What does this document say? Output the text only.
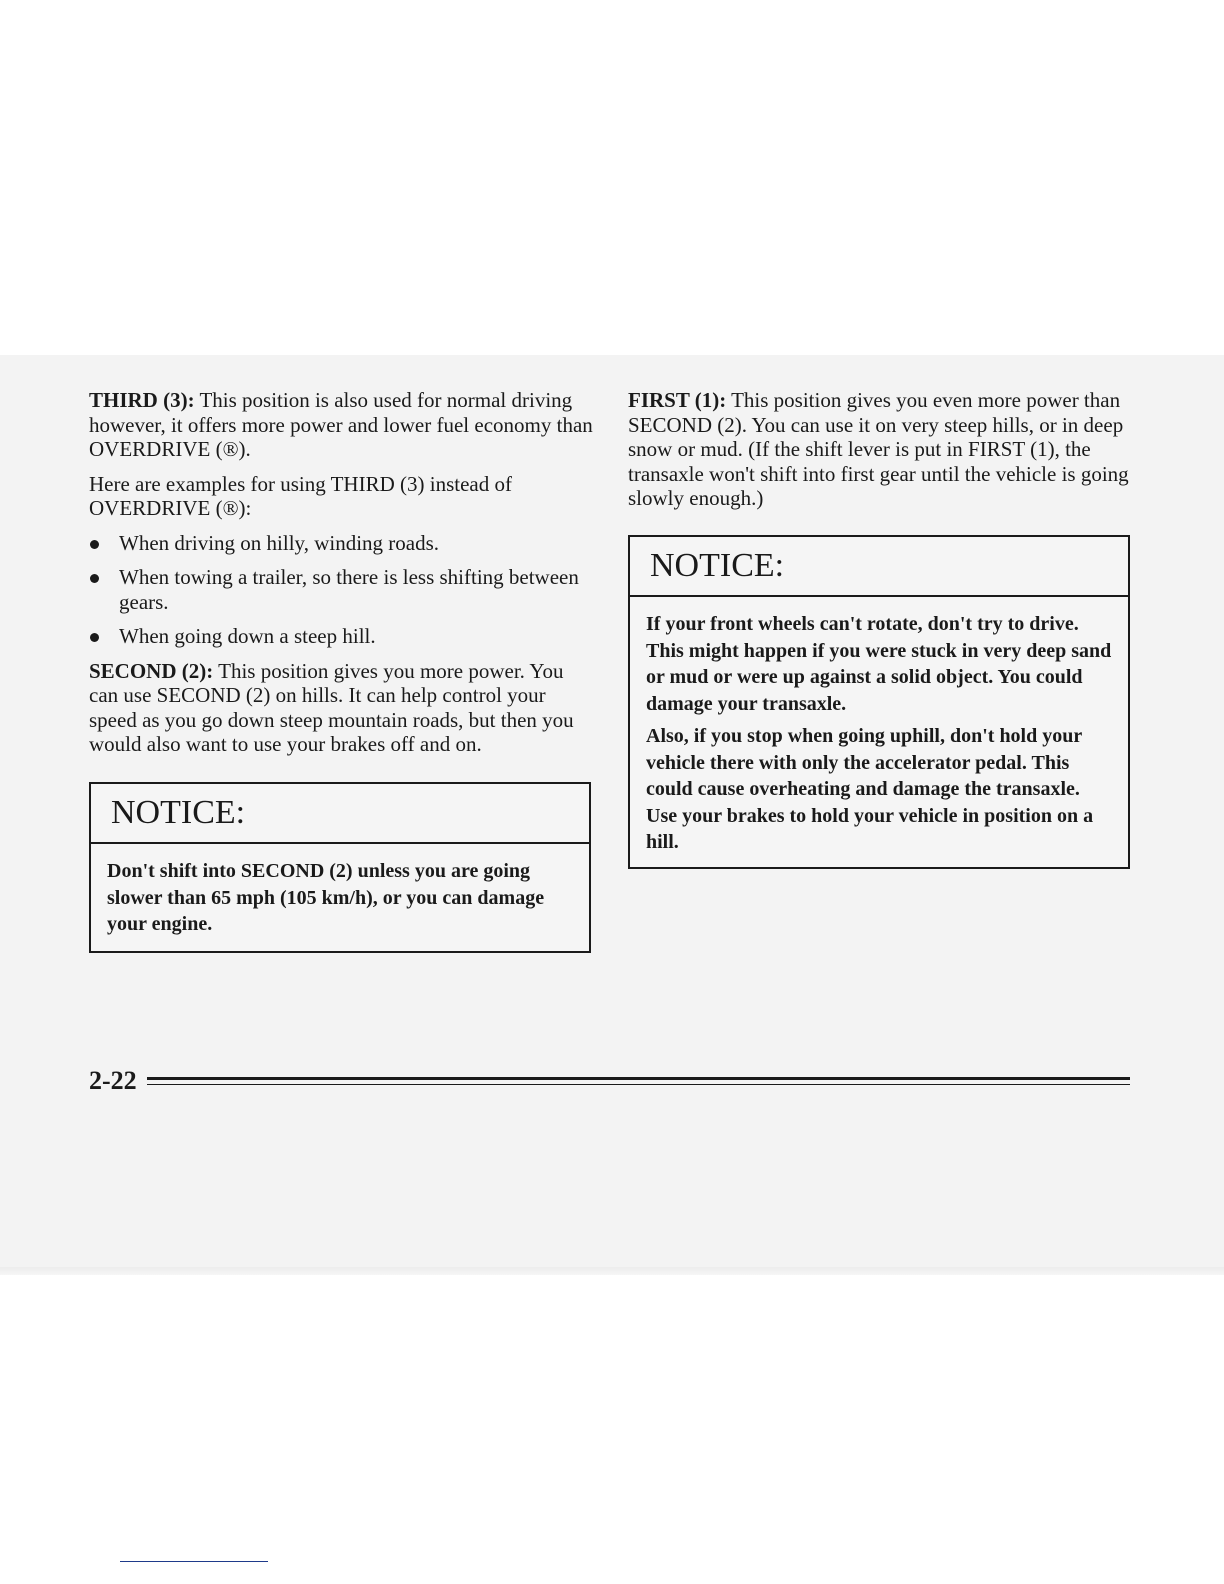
THIRD (3): This position is also used for normal driving however, it offers more power and lower fuel economy than OVERDRIVE (®).

Here are examples for using THIRD (3) instead of OVERDRIVE (®):

When driving on hilly, winding roads.
When towing a trailer, so there is less shifting between gears.
When going down a steep hill.

SECOND (2): This position gives you more power. You can use SECOND (2) on hills. It can help control your speed as you go down steep mountain roads, but then you would also want to use your brakes off and on.

NOTICE:

Don't shift into SECOND (2) unless you are going slower than 65 mph (105 km/h), or you can damage your engine.

FIRST (1): This position gives you even more power than SECOND (2). You can use it on very steep hills, or in deep snow or mud. (If the shift lever is put in FIRST (1), the transaxle won't shift into first gear until the vehicle is going slowly enough.)

NOTICE:

If your front wheels can't rotate, don't try to drive. This might happen if you were stuck in very deep sand or mud or were up against a solid object. You could damage your transaxle.

Also, if you stop when going uphill, don't hold your vehicle there with only the accelerator pedal. This could cause overheating and damage the transaxle. Use your brakes to hold your vehicle in position on a hill.

2-22
